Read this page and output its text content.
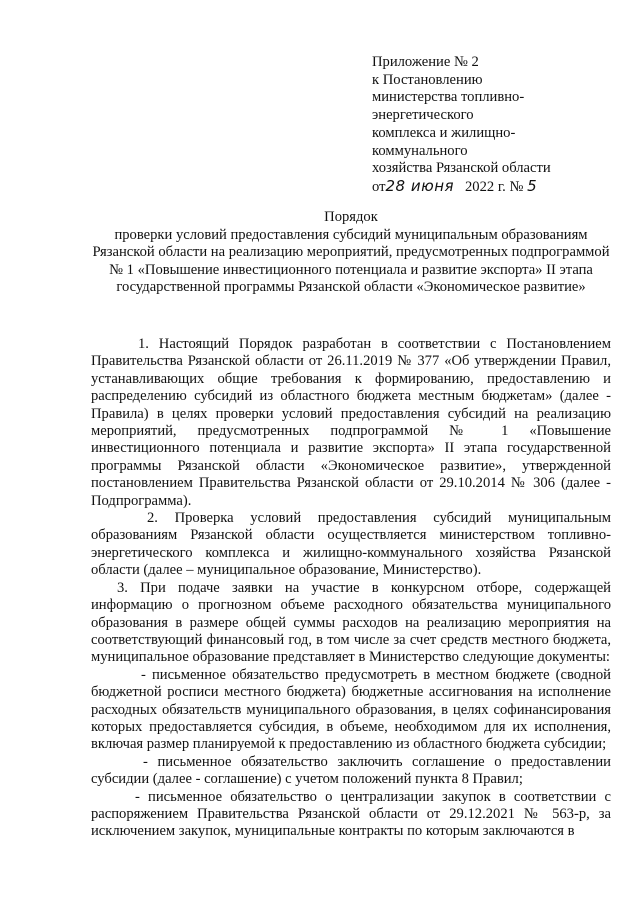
Приложение № 2
к Постановлению
министерства топливно-
энергетического
комплекса и жилищно-
коммунального
хозяйства Рязанской области
от28 июня 2022 г. № 5
Порядок
проверки условий предоставления субсидий муниципальным образованиям Рязанской области на реализацию мероприятий, предусмотренных подпрограммой № 1 «Повышение инвестиционного потенциала и развитие экспорта» II этапа государственной программы Рязанской области «Экономическое развитие»

1. Настоящий Порядок разработан в соответствии с Постановлением Правительства Рязанской области от 26.11.2019 № 377 «Об утверждении Правил, устанавливающих общие требования к формированию, предоставлению и распределению субсидий из областного бюджета местным бюджетам» (далее - Правила) в целях проверки условий предоставления субсидий на реализацию мероприятий, предусмотренных подпрограммой № 1 «Повышение инвестиционного потенциала и развитие экспорта» II этапа государственной программы Рязанской области «Экономическое развитие», утвержденной постановлением Правительства Рязанской области от 29.10.2014 № 306 (далее - Подпрограмма).

2. Проверка условий предоставления субсидий муниципальным образованиям Рязанской области осуществляется министерством топливно-энергетического комплекса и жилищно-коммунального хозяйства Рязанской области (далее – муниципальное образование, Министерство).

3. При подаче заявки на участие в конкурсном отборе, содержащей информацию о прогнозном объеме расходного обязательства муниципального образования в размере общей суммы расходов на реализацию мероприятия на соответствующий финансовый год, в том числе за счет средств местного бюджета, муниципальное образование представляет в Министерство следующие документы:

- письменное обязательство предусмотреть в местном бюджете (сводной бюджетной росписи местного бюджета) бюджетные ассигнования на исполнение расходных обязательств муниципального образования, в целях софинансирования которых предоставляется субсидия, в объеме, необходимом для их исполнения, включая размер планируемой к предоставлению из областного бюджета субсидии;

- письменное обязательство заключить соглашение о предоставлении субсидии (далее - соглашение) с учетом положений пункта 8 Правил;

- письменное обязательство о централизации закупок в соответствии с распоряжением Правительства Рязанской области от 29.12.2021 № 563-р, за исключением закупок, муниципальные контракты по которым заключаются в
